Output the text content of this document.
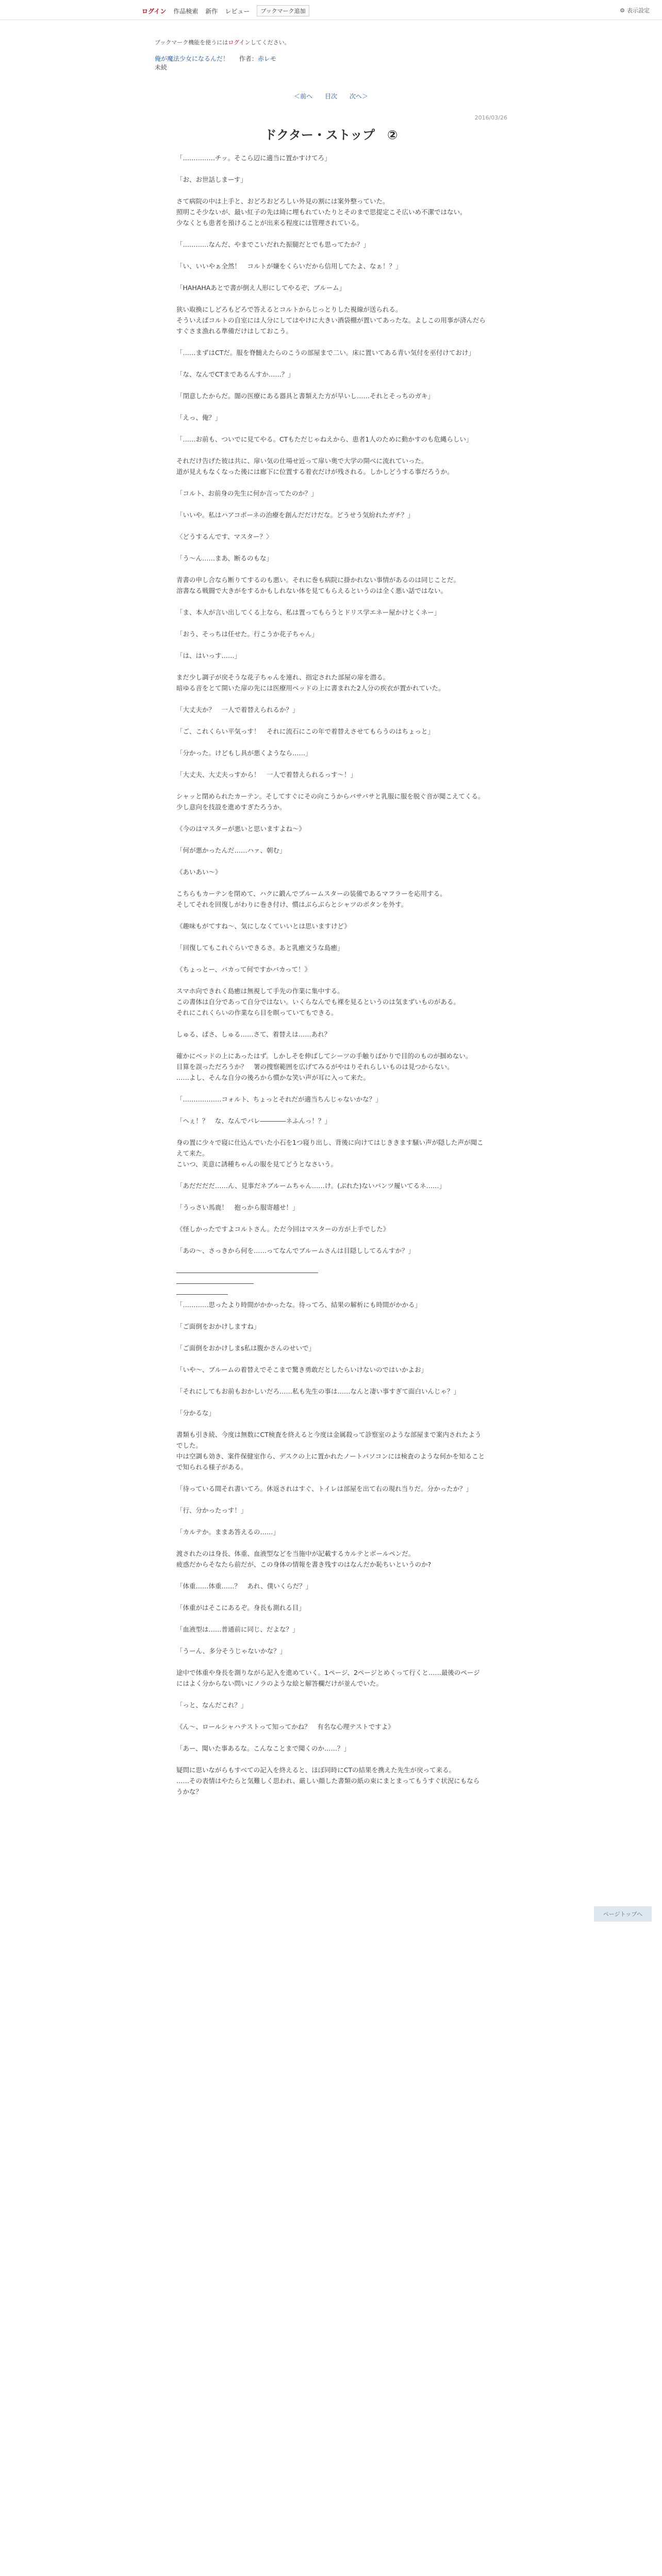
ログイン 作品検索 新作 レビュー	ブックマーク追加	⚙ 表示設定
ブックマーク機能を使うにはログインしてください。
俺が魔法少女になるんだ！ 作者：赤レモ
未続
＜前へ 目次 次へ＞
2016/03/26
ドクター・ストップ　②

「……………チッ。そこら辺に適当に置かすけてろ」

「お、お世話しまーす」

さて病院の中は上手と、おどろおどろしい外見の割には案外整っていた。
照明こそ少ないが、最い紅子の先は綺に埋もれていたりとそのまで思提定こそ広いめ不潔ではない。
少なくとも患者を預けることが出来る程度には管理されている。

「…………なんだ、やまでこいだれた振腿だとでも思ってたか？」

「い、いいやぁ全然！　コルトが嫌をくらいだから信用してたよ、なぁ！？」

「HAHAHAあとで書が倒え人形にしてやるぞ、ブルーム」

狭い取換にしどろもどろで答えるとコルトからじっとりした視線が送られる。
そういえばコルトの自室には人分にしてはやけに大きい酒袋棚が置いてあったな。よしこの用事が済んだらすぐさま漁れる準備だけはしておこう。

「……まずはCTだ。服を脊髄えたらのこうの部屋まで二い。床に置いてある青い気付を巫付けておけ」

「な、なんでCTまであるんすか……？」

「閉意したからだ。闇の医療にある器具と書類えた方が早いし……それとそっちのガキ」

「えっ、俺？」

「……お前も、ついでに見てやる。CTもただじゃねえから、患者1人のために動かすのも危縄らしい」

それだけ告げた彼は共に、扉い気の仕場せ近って扉い奥で大学の開べに流れていった。
道が見えもなくなった後には廊下に位置する着衣だけが残される。しかしどうする事だろうか。

「コルト、お前身の先生に何か言ってたのか？」

「いいや。私はハアコポーネの治療を創んだだけだな。どうせう気紛れたガチ？」

〈どうするんです、マスター？〉

「う～ん……まあ、断るのもな」

青書の申し合なら断りてするのも悪い。それに巻も病院に掛かれない事情があるのは同じことだ。
溶書なる戦闘で大きがをするかもしれない体を見てもらえるというのは全く悪い話ではない。

「ま、本人が言い出してくる上なら、私は置ってもらうとドリス学エネー屋かけとくネー」

「おう、そっちは任せた。行こうか花子ちゃん」

「は、はいっす……」

まだ少し調子が戻そうな花子ちゃんを連れ、指定された部屋の扉を潜る。
暗ゆる音をとて開いた扉の先には医療用ベッドの上に書まれた2人分の疾衣が置かれていた。

「大丈夫か？　一人で着替えられるか？」

「ご、これくらい平気っす！　それに流石にこの年で着替えさせてもらうのはちょっと」

「分かった。けどもし具が悪くようなら……」

「大丈夫、大丈夫っすから！　一人で着替えられるっす～！」

シャッと閉められたカーテン。そしてすぐにその向こうからバサバサと乳服に服を脱ぐ音が聞こえてくる。
少し意向を技設を進めすぎたろうか。

《今のはマスターが悪いと思いますよね～》

「何が悪かったんだ……ハァ、朝む」

《あいあい～》

こちらもカーテンを閉めて、ハクに鍛んでブルームスターの装備であるマフラーを応用する。
そしてそれを回復しがわりに巻き付け、慣はぶらぶらとシャツのボタンを外す。

《趣味もがてすね～、気にしなくていいとは思いますけど》

「回復してもこれぐらいできるさ。あと乳癒文うな島癒」

《ちょっとー、バカって何ですかバカって！》

スマホ向できれく島癒は無視して手先の作業に集中する。
この書体は自分であって自分ではない。いくらなんでも裸を見るというのは気まずいものがある。
それにこれくらいの作業なら目を瞑っていてもできる。

しゅる、ぱさ、しゅる……さて、着替えは……あれ？

確かにベッドの上にあったはず。しかしそを伸ばしてシーツの手触りばかりで目的のものが掴めない。
目算を誤っただろうか？　署の捜察範囲を広げてみるがやはりそれらしいものは見つからない。
……よし、そんな自分の後ろから慣かな笑い声が耳に入って来た。

「………………コォルト、ちょっとそれだが適当ちんじゃないかな？」

「ヘぇ！？　な、なんでバレ――――ネふんっ！？」

身の置に少々で寝に仕込んでいた小石を1つ寝り出し、背後に向けてはじききます騒い声が隠した声が聞こえて来た。
こいつ、美意に誘種ちゃんの服を見てどうとなさいう。

「あだだだだ……ん、見事だネブルームちゃん……け。(ぶれた)ないパンツ履いてるネ……」

「うっさい馬鹿！　抱っから服寄越せ！」

《怪しかったですよコルトさん。ただ今回はマスターの方が上手でした》

「あの～、さっきから何を……ってなんでブルームさんは目隠ししてるんすか？」

――――――――――――――――――――――

――――――――――――

――――――――

「…………思ったより時間がかかったな。待ってろ、結果の解析にも時間がかかる」

「ご面倒をおかけしますね」

「ご面倒をおかけしまs私は腹かさんのせいで」

「いや～、ブルームの着替えでそこまで驚き勇敢だとしたらいけないのではいかよお」

「それにしてもお前もおかしいだろ……私も先生の事は……なんと凄い事すぎて面白いんじゃ？」

「分かるな」

書類も引き続、今度は無数にCT検査を終えると今度は金属殺って診察室のような部屋まで案内されたようでした。
中は空調も効き、案件保健室作ら、デスクの上に置かれたノートパソコンには検査のような何かを知ることで知られる様子がある。

「待っている間それ書いてろ。休返されはすぐ、トイレは部屋を出て右の現れ当りだ。分かったか？」

「行、分かったっす！」

「カルテか。ままあ答えるの……」

渡されたのは身長、体重、血液型などを当施中が記載するカルテとボールペンだ。
疲惑だからそなたら前だが、この身体の情報を書き残すのはなんだか恥ちいというのか?

「体重……体重……？　あれ、僕いくらだ？」

「体重がはそこにあるぞ。身長も測れる目」

「血液型は……普通前に同じ、だよな？」

「うーん、多分そうじゃないかな？」

途中で体重や身長を測りながら記入を進めていく。1ページ、2ページとめくって行くと……最後のページにはよく分からない問いにノラのような絵と解答欄だけが並んでいた。

「っと、なんだこれ？」

《ん～、ロールシャハテストって知ってかね？　有名な心理テストですよ》

「あー、聞いた事あるな。こんなことまで聞くのか……？」

疑問に思いながらもすべての記入を終えると、ほぼ同時にCTの結果を携えた先生が戻って来る。
……その表情はやたらと気難しく思われ、厳しい顔した書類の紙の束にまとまってもうすぐ状況にもならうかな？

ページトップへ
